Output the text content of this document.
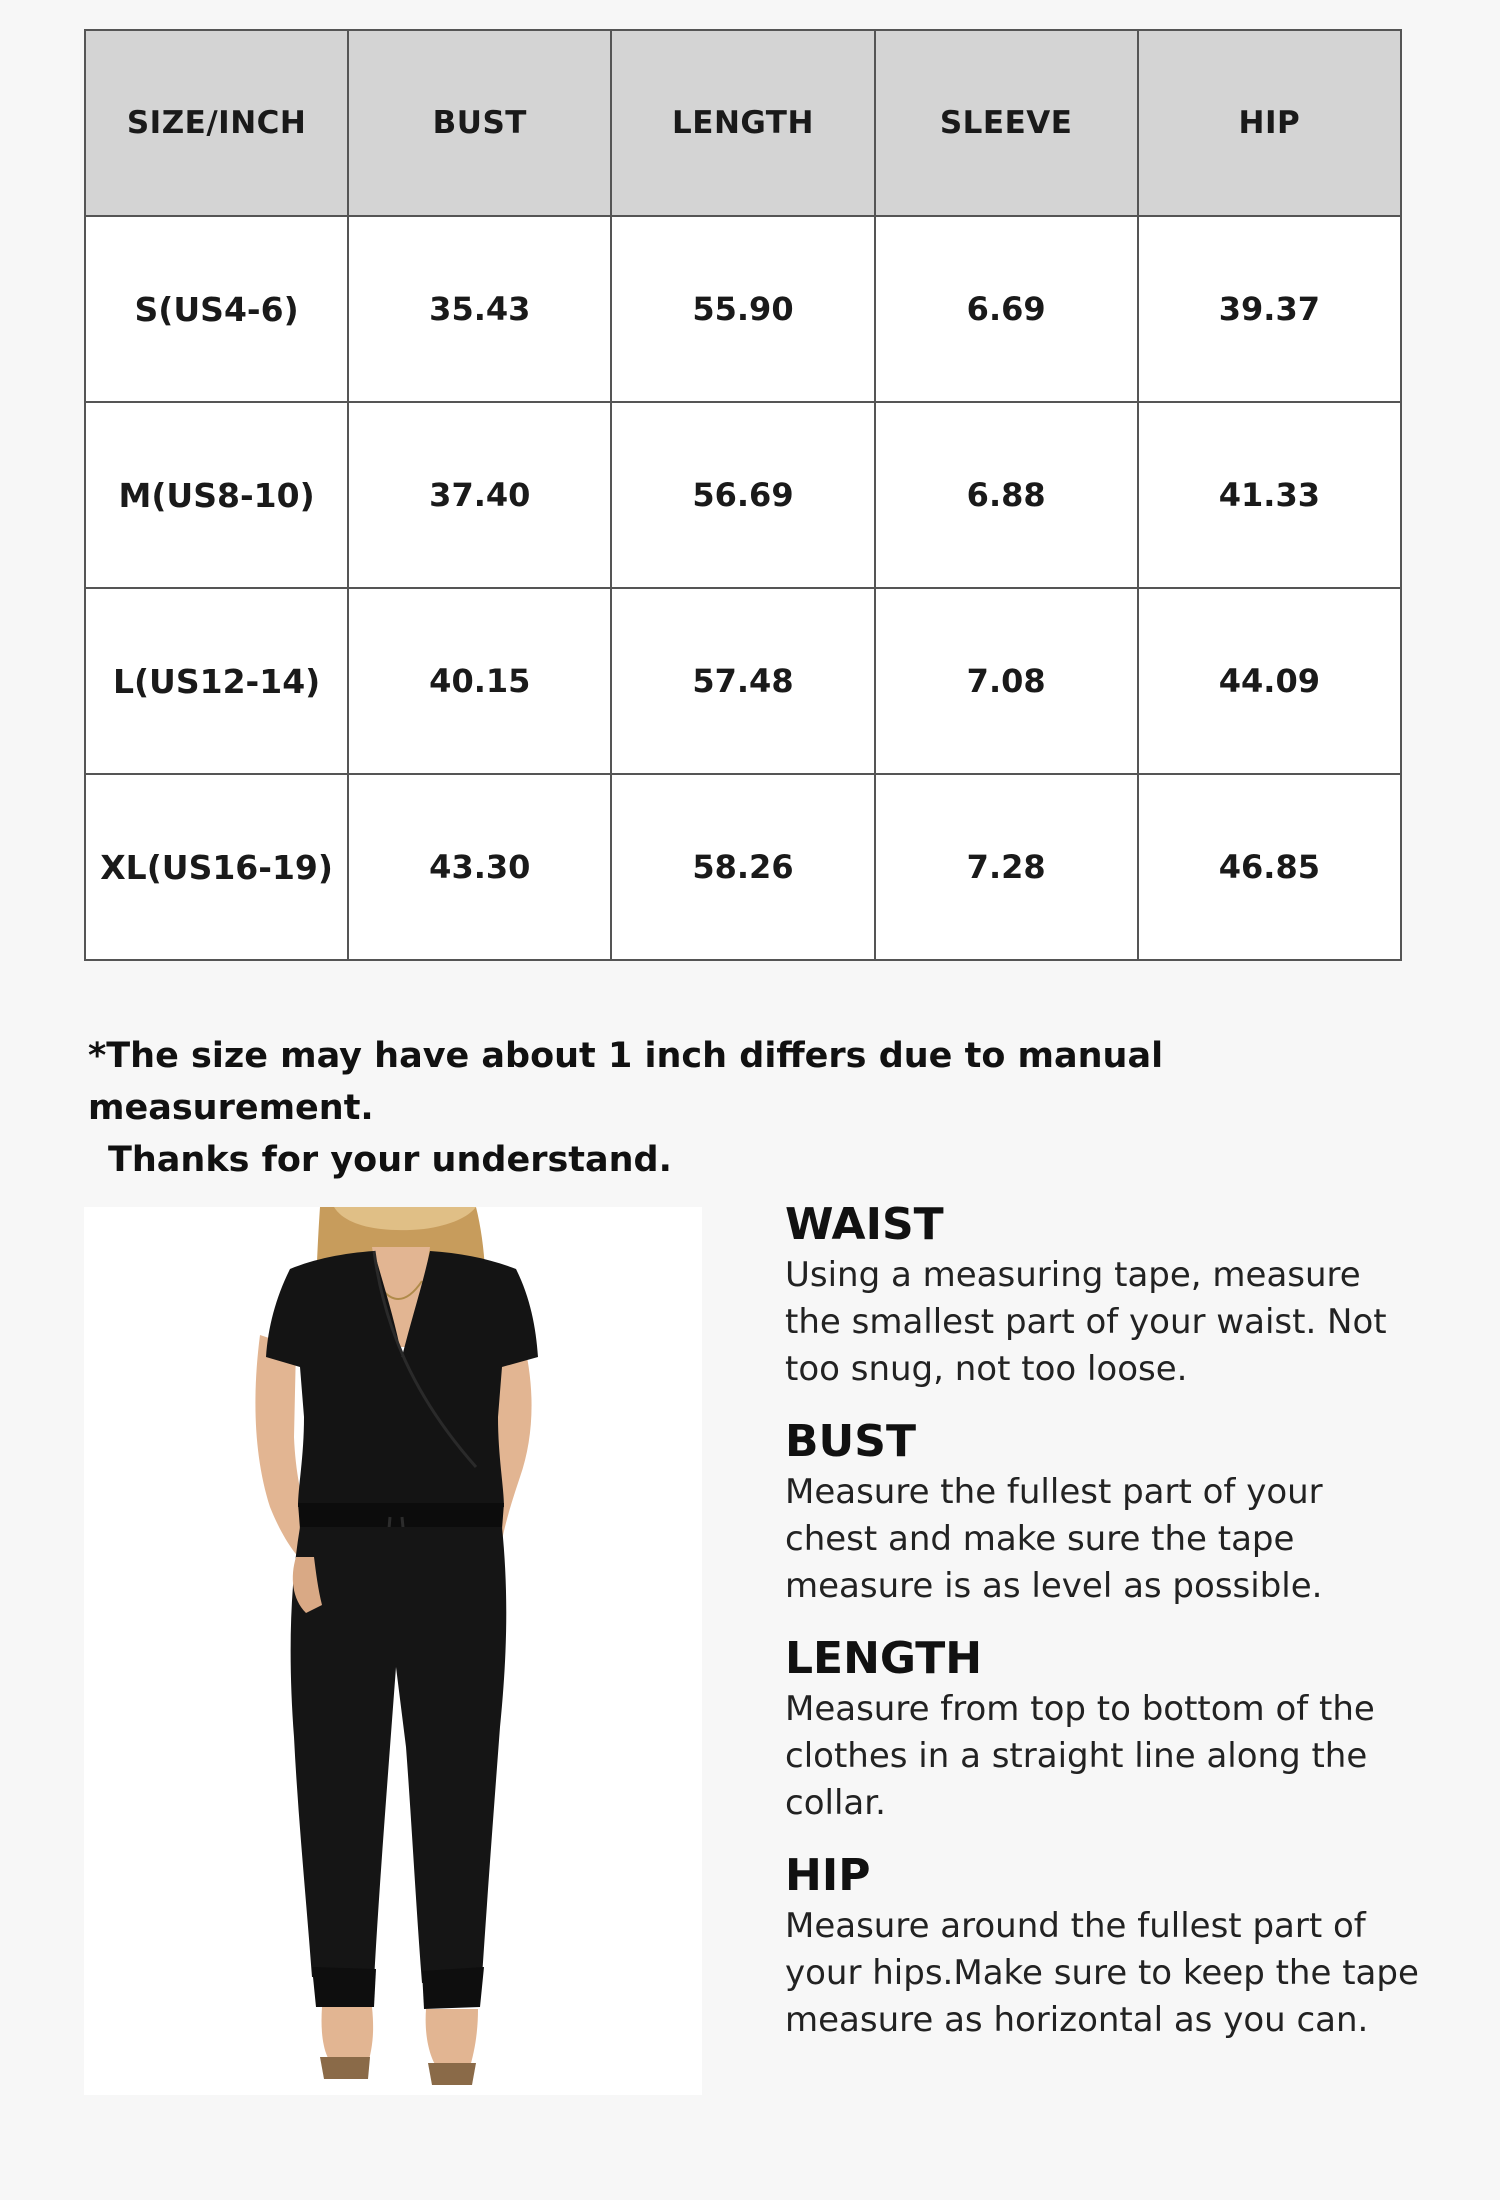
SIZE/INCH	BUST	LENGTH	SLEEVE	HIP
S(US4-6)	35.43	55.90	6.69	39.37
M(US8-10)	37.40	56.69	6.88	41.33
L(US12-14)	40.15	57.48	7.08	44.09
XL(US16-19)	43.30	58.26	7.28	46.85
*The size may have about 1 inch differs due to manual measurement.
Thanks for your understand.
WAIST
Using a measuring tape, measure the smallest part of your waist. Not too snug, not too loose.
BUST
Measure the fullest part of your chest and make sure the tape measure is as level as possible.
LENGTH
Measure from top to bottom of the clothes in a straight line along the collar.
HIP
Measure around the fullest part of your hips.Make sure to keep the tape measure as horizontal as you can.
